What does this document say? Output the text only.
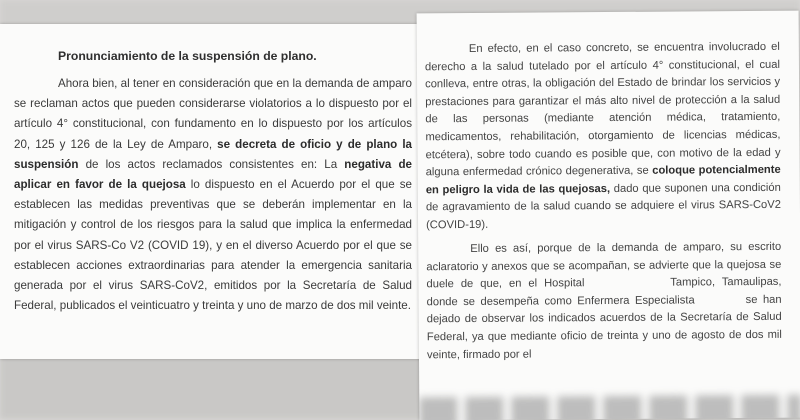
Pronunciamiento de la suspensión de plano.

Ahora bien, al tener en consideración que en la demanda de amparo se reclaman actos que pueden considerarse violatorios a lo dispuesto por el artículo 4° constitucional, con fundamento en lo dispuesto por los artículos 20, 125 y 126 de la Ley de Amparo, se decreta de oficio y de plano la suspensión de los actos reclamados consistentes en: La negativa de aplicar en favor de la quejosa lo dispuesto en el Acuerdo por el que se establecen las medidas preventivas que se deberán implementar en la mitigación y control de los riesgos para la salud que implica la enfermedad por el virus SARS-Co V2 (COVID 19), y en el diverso Acuerdo por el que se establecen acciones extraordinarias para atender la emergencia sanitaria generada por el virus SARS-CoV2, emitidos por la Secretaría de Salud Federal, publicados el veinticuatro y treinta y uno de marzo de dos mil veinte.

En efecto, en el caso concreto, se encuentra involucrado el derecho a la salud tutelado por el artículo 4° constitucional, el cual conlleva, entre otras, la obligación del Estado de brindar los servicios y prestaciones para garantizar el más alto nivel de protección a la salud de las personas (mediante atención médica, tratamiento, medicamentos, rehabilitación, otorgamiento de licencias médicas, etcétera), sobre todo cuando es posible que, con motivo de la edad y alguna enfermedad crónico degenerativa, se coloque potencialmente en peligro la vida de las quejosas, dado que suponen una condición de agravamiento de la salud cuando se adquiere el virus SARS-CoV2 (COVID-19).

Ello es así, porque de la demanda de amparo, su escrito aclaratorio y anexos que se acompañan, se advierte que la quejosa se duele de que, en el Hospital	Tampico, Tamaulipas, donde se desempeña como Enfermera Especialista	se han dejado de observar los indicados acuerdos de la Secretaría de Salud Federal, ya que mediante oficio de treinta y uno de agosto de dos mil veinte, firmado por el
